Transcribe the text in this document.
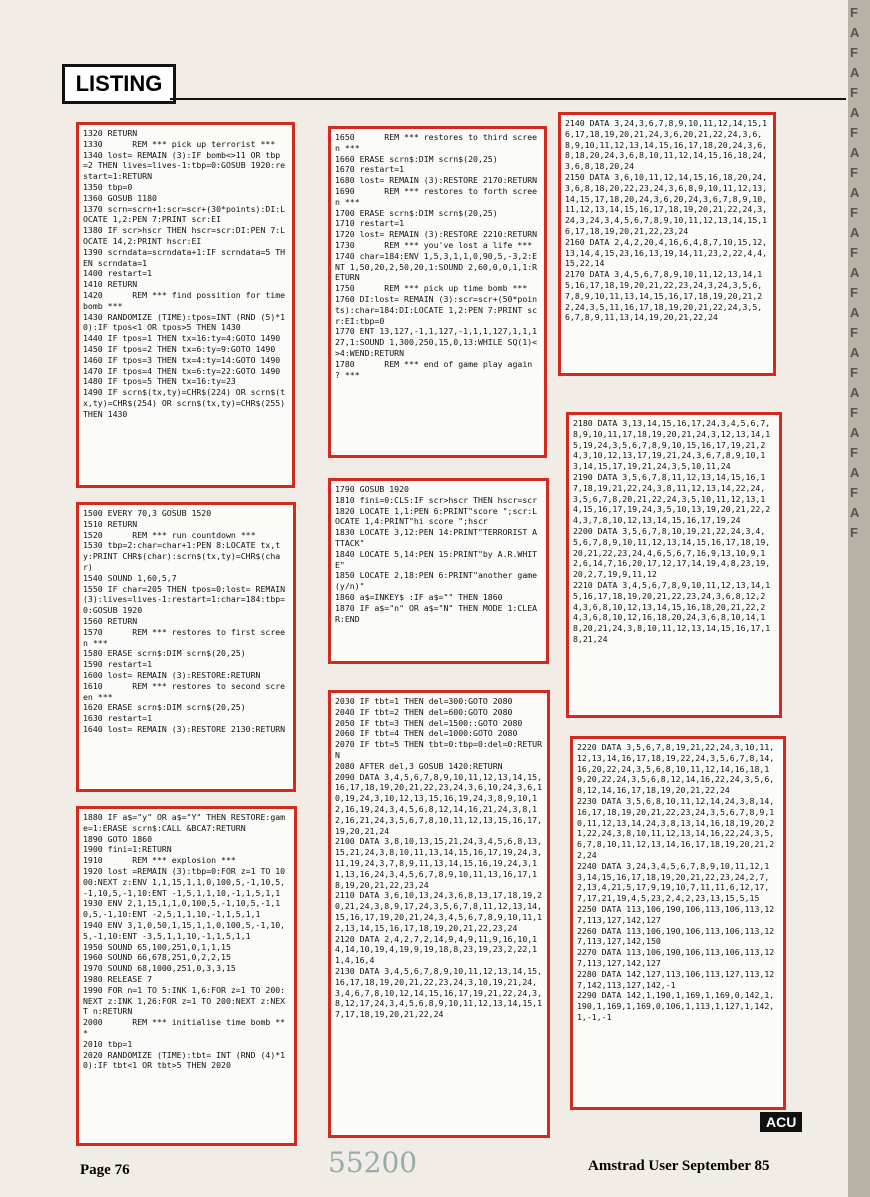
F
A
F
A
F
A
F
A
F
A
F
A
F
A
F
A
F
A
F
A
F
A
F
A
F
A
F
LISTING
1320 RETURN
1330      REM *** pick up terrorist ***
1340 lost= REMAIN (3):IF bomb<>11 OR tbp =2 THEN lives=lives-1:tbp=0:GOSUB 1920:restart=1:RETURN
1350 tbp=0
1360 GOSUB 1180
1370 scrn=scrn+1:scr=scr+(30*points):DI:LOCATE 1,2:PEN 7:PRINT scr:EI
1380 IF scr>hscr THEN hscr=scr:DI:PEN 7:LOCATE 14,2:PRINT hscr:EI
1390 scrndata=scrndata+1:IF scrndata=5 THEN scrndata=1
1400 restart=1
1410 RETURN
1420      REM *** find possition for time bomb ***
1430 RANDOMIZE (TIME):tpos=INT (RND (5)*10):IF tpos<1 OR tpos>5 THEN 1430
1440 IF tpos=1 THEN tx=16:ty=4:GOTO 1490
1450 IF tpos=2 THEN tx=6:ty=9:GOTO 1490
1460 IF tpos=3 THEN tx=4:ty=14:GOTO 1490
1470 IF tpos=4 THEN tx=6:ty=22:GOTO 1490
1480 IF tpos=5 THEN tx=16:ty=23
1490 IF scrn$(tx,ty)=CHR$(224) OR scrn$(tx,ty)=CHR$(254) OR scrn$(tx,ty)=CHR$(255) THEN 1430
1500 EVERY 70,3 GOSUB 1520
1510 RETURN
1520      REM *** run countdown ***
1530 tbp=2:char=char+1:PEN 8:LOCATE tx,ty:PRINT CHR$(char):scrn$(tx,ty)=CHR$(char)
1540 SOUND 1,60,5,7
1550 IF char=205 THEN tpos=0:lost= REMAIN (3):lives=lives-1:restart=1:char=184:tbp=0:GOSUB 1920
1560 RETURN
1570      REM *** restores to first screen ***
1580 ERASE scrn$:DIM scrn$(20,25)
1590 restart=1
1600 lost= REMAIN (3):RESTORE:RETURN
1610      REM *** restores to second screen ***
1620 ERASE scrn$:DIM scrn$(20,25)
1630 restart=1
1640 lost= REMAIN (3):RESTORE 2130:RETURN
1880 IF a$="y" OR a$="Y" THEN RESTORE:game=1:ERASE scrn$:CALL &BCA7:RETURN
1890 GOTO 1860
1900 fini=1:RETURN
1910      REM *** explosion ***
1920 lost =REMAIN (3):tbp=0:FOR z=1 TO 1000:NEXT z:ENV 1,1,15,1,1,0,100,5,-1,10,5,-1,10,5,-1,10:ENT -1,5,1,1,10,-1,1,5,1,1
1930 ENV 2,1,15,1,1,0,100,5,-1,10,5,-1,10,5,-1,10:ENT -2,5,1,1,10,-1,1,5,1,1
1940 ENV 3,1,0,50,1,15,1,1,0,100,5,-1,10,5,-1,10:ENT -3,5,1,1,10,-1,1,5,1,1
1950 SOUND 65,100,251,0,1,1,15
1960 SOUND 66,678,251,0,2,2,15
1970 SOUND 68,1000,251,0,3,3,15
1980 RELEASE 7
1990 FOR n=1 TO 5:INK 1,6:FOR z=1 TO 200:NEXT z:INK 1,26:FOR z=1 TO 200:NEXT z:NEXT n:RETURN
2000      REM *** initialise time bomb ***
2010 tbp=1
2020 RANDOMIZE (TIME):tbt= INT (RND (4)*10):IF tbt<1 OR tbt>5 THEN 2020
1650      REM *** restores to third screen ***
1660 ERASE scrn$:DIM scrn$(20,25)
1670 restart=1
1680 lost= REMAIN (3):RESTORE 2170:RETURN
1690      REM *** restores to forth screen ***
1700 ERASE scrn$:DIM scrn$(20,25)
1710 restart=1
1720 lost= REMAIN (3):RESTORE 2210:RETURN
1730      REM *** you've lost a life ***
1740 char=184:ENV 1,5,3,1,1,0,90,5,-3,2:ENT 1,50,20,2,50,20,1:SOUND 2,60,0,0,1,1:RETURN
1750      REM *** pick up time bomb ***
1760 DI:lost= REMAIN (3):scr=scr+(50*points):char=184:DI:LOCATE 1,2:PEN 7:PRINT scr:EI:tbp=0
1770 ENT 13,127,-1,1,127,-1,1,1,127,1,1,127,1:SOUND 1,300,250,15,0,13:WHILE SQ(1)<>4:WEND:RETURN
1780      REM *** end of game play again ? ***
1790 GOSUB 1920
1810 fini=0:CLS:IF scr>hscr THEN hscr=scr
1820 LOCATE 1,1:PEN 6:PRINT"score ";scr:LOCATE 1,4:PRINT"hi score ";hscr
1830 LOCATE 3,12:PEN 14:PRINT"TERRORIST ATTACK"
1840 LOCATE 5,14:PEN 15:PRINT"by A.R.WHITE"
1850 LOCATE 2,18:PEN 6:PRINT"another game (y/n)"
1860 a$=INKEY$ :IF a$="" THEN 1860
1870 IF a$="n" OR a$="N" THEN MODE 1:CLEAR:END
2030 IF tbt=1 THEN del=300:GOTO 2080
2040 IF tbt=2 THEN del=600:GOTO 2080
2050 IF tbt=3 THEN del=1500::GOTO 2080
2060 IF tbt=4 THEN del=1000:GOTO 2080
2070 IF tbt=5 THEN tbt=0:tbp=0:del=0:RETURN
2080 AFTER del,3 GOSUB 1420:RETURN
2090 DATA 3,4,5,6,7,8,9,10,11,12,13,14,15,16,17,18,19,20,21,22,23,24,3,6,10,24,3,6,10,19,24,3,10,12,13,15,16,19,24,3,8,9,10,12,16,19,24,3,4,5,6,8,12,14,16,21,24,3,8,12,16,21,24,3,5,6,7,8,10,11,12,13,15,16,17,19,20,21,24
2100 DATA 3,8,10,13,15,21,24,3,4,5,6,8,13,15,21,24,3,8,10,11,13,14,15,16,17,19,24,3,11,19,24,3,7,8,9,11,13,14,15,16,19,24,3,11,13,16,24,3,4,5,6,7,8,9,10,11,13,16,17,18,19,20,21,22,23,24
2110 DATA 3,6,10,13,24,3,6,8,13,17,18,19,20,21,24,3,8,9,17,24,3,5,6,7,8,11,12,13,14,15,16,17,19,20,21,24,3,4,5,6,7,8,9,10,11,12,13,14,15,16,17,18,19,20,21,22,23,24
2120 DATA 2,4,2,7,2,14,9,4,9,11,9,16,10,14,14,10,19,4,19,9,19,18,8,23,19,23,2,22,11,4,16,4
2130 DATA 3,4,5,6,7,8,9,10,11,12,13,14,15,16,17,18,19,20,21,22,23,24,3,10,19,21,24,3,4,6,7,8,10,12,14,15,16,17,19,21,22,24,3,8,12,17,24,3,4,5,6,8,9,10,11,12,13,14,15,17,17,18,19,20,21,22,24
2140 DATA 3,24,3,6,7,8,9,10,11,12,14,15,16,17,18,19,20,21,24,3,6,20,21,22,24,3,6,8,9,10,11,12,13,14,15,16,17,18,20,24,3,6,8,18,20,24,3,6,8,10,11,12,14,15,16,18,24,3,6,8,18,20,24
2150 DATA 3,6,10,11,12,14,15,16,18,20,24,3,6,8,18,20,22,23,24,3,6,8,9,10,11,12,13,14,15,17,18,20,24,3,6,20,24,3,6,7,8,9,10,11,12,13,14,15,16,17,18,19,20,21,22,24,3,24,3,24,3,4,5,6,7,8,9,10,11,12,13,14,15,16,17,18,19,20,21,22,23,24
2160 DATA 2,4,2,20,4,16,6,4,8,7,10,15,12,13,14,4,15,23,16,13,19,14,11,23,2,22,4,4,15,22,14
2170 DATA 3,4,5,6,7,8,9,10,11,12,13,14,15,16,17,18,19,20,21,22,23,24,3,24,3,5,6,7,8,9,10,11,13,14,15,16,17,18,19,20,21,22,24,3,5,11,16,17,18,19,20,21,22,24,3,5,6,7,8,9,11,13,14,19,20,21,22,24
2180 DATA 3,13,14,15,16,17,24,3,4,5,6,7,8,9,10,11,17,18,19,20,21,24,3,12,13,14,15,19,24,3,5,6,7,8,9,10,15,16,17,19,21,24,3,10,12,13,17,19,21,24,3,6,7,8,9,10,13,14,15,17,19,21,24,3,5,10,11,24
2190 DATA 3,5,6,7,8,11,12,13,14,15,16,17,18,19,21,22,24,3,8,11,12,13,14,22,24,3,5,6,7,8,20,21,22,24,3,5,10,11,12,13,14,15,16,17,19,24,3,5,10,13,19,20,21,22,24,3,7,8,10,12,13,14,15,16,17,19,24
2200 DATA 3,5,6,7,8,10,19,21,22,24,3,4,5,6,7,8,9,10,11,12,13,14,15,16,17,18,19,20,21,22,23,24,4,6,5,6,7,16,9,13,10,9,12,6,14,7,16,20,17,12,17,14,19,4,8,23,19,20,2,7,19,9,11,12
2210 DATA 3,4,5,6,7,8,9,10,11,12,13,14,15,16,17,18,19,20,21,22,23,24,3,6,8,12,24,3,6,8,10,12,13,14,15,16,18,20,21,22,24,3,6,8,10,12,16,18,20,24,3,6,8,10,14,18,20,21,24,3,8,10,11,12,13,14,15,16,17,18,21,24
2220 DATA 3,5,6,7,8,19,21,22,24,3,10,11,12,13,14,16,17,18,19,22,24,3,5,6,7,8,14,16,20,22,24,3,5,6,8,10,11,12,14,16,18,19,20,22,24,3,5,6,8,12,14,16,22,24,3,5,6,8,12,14,16,17,18,19,20,21,22,24
2230 DATA 3,5,6,8,10,11,12,14,24,3,8,14,16,17,18,19,20,21,22,23,24,3,5,6,7,8,9,10,11,12,13,14,24,3,8,13,14,16,18,19,20,21,22,24,3,8,10,11,12,13,14,16,22,24,3,5,6,7,8,10,11,12,13,14,16,17,18,19,20,21,22,24
2240 DATA 3,24,3,4,5,6,7,8,9,10,11,12,13,14,15,16,17,18,19,20,21,22,23,24,2,7,2,13,4,21,5,17,9,19,10,7,11,11,6,12,17,7,17,21,19,4,5,23,2,4,2,23,13,15,5,15
2250 DATA 113,106,190,106,113,106,113,127,113,127,142,127
2260 DATA 113,106,190,106,113,106,113,127,113,127,142,150
2270 DATA 113,106,190,106,113,106,113,127,113,127,142,127
2280 DATA 142,127,113,106,113,127,113,127,142,113,127,142,-1
2290 DATA 142,1,190,1,169,1,169,0,142,1,190,1,169,1,169,0,106,1,113,1,127,1,142,1,-1,-1
ACU
55200
Page 76	Amstrad User September 85
